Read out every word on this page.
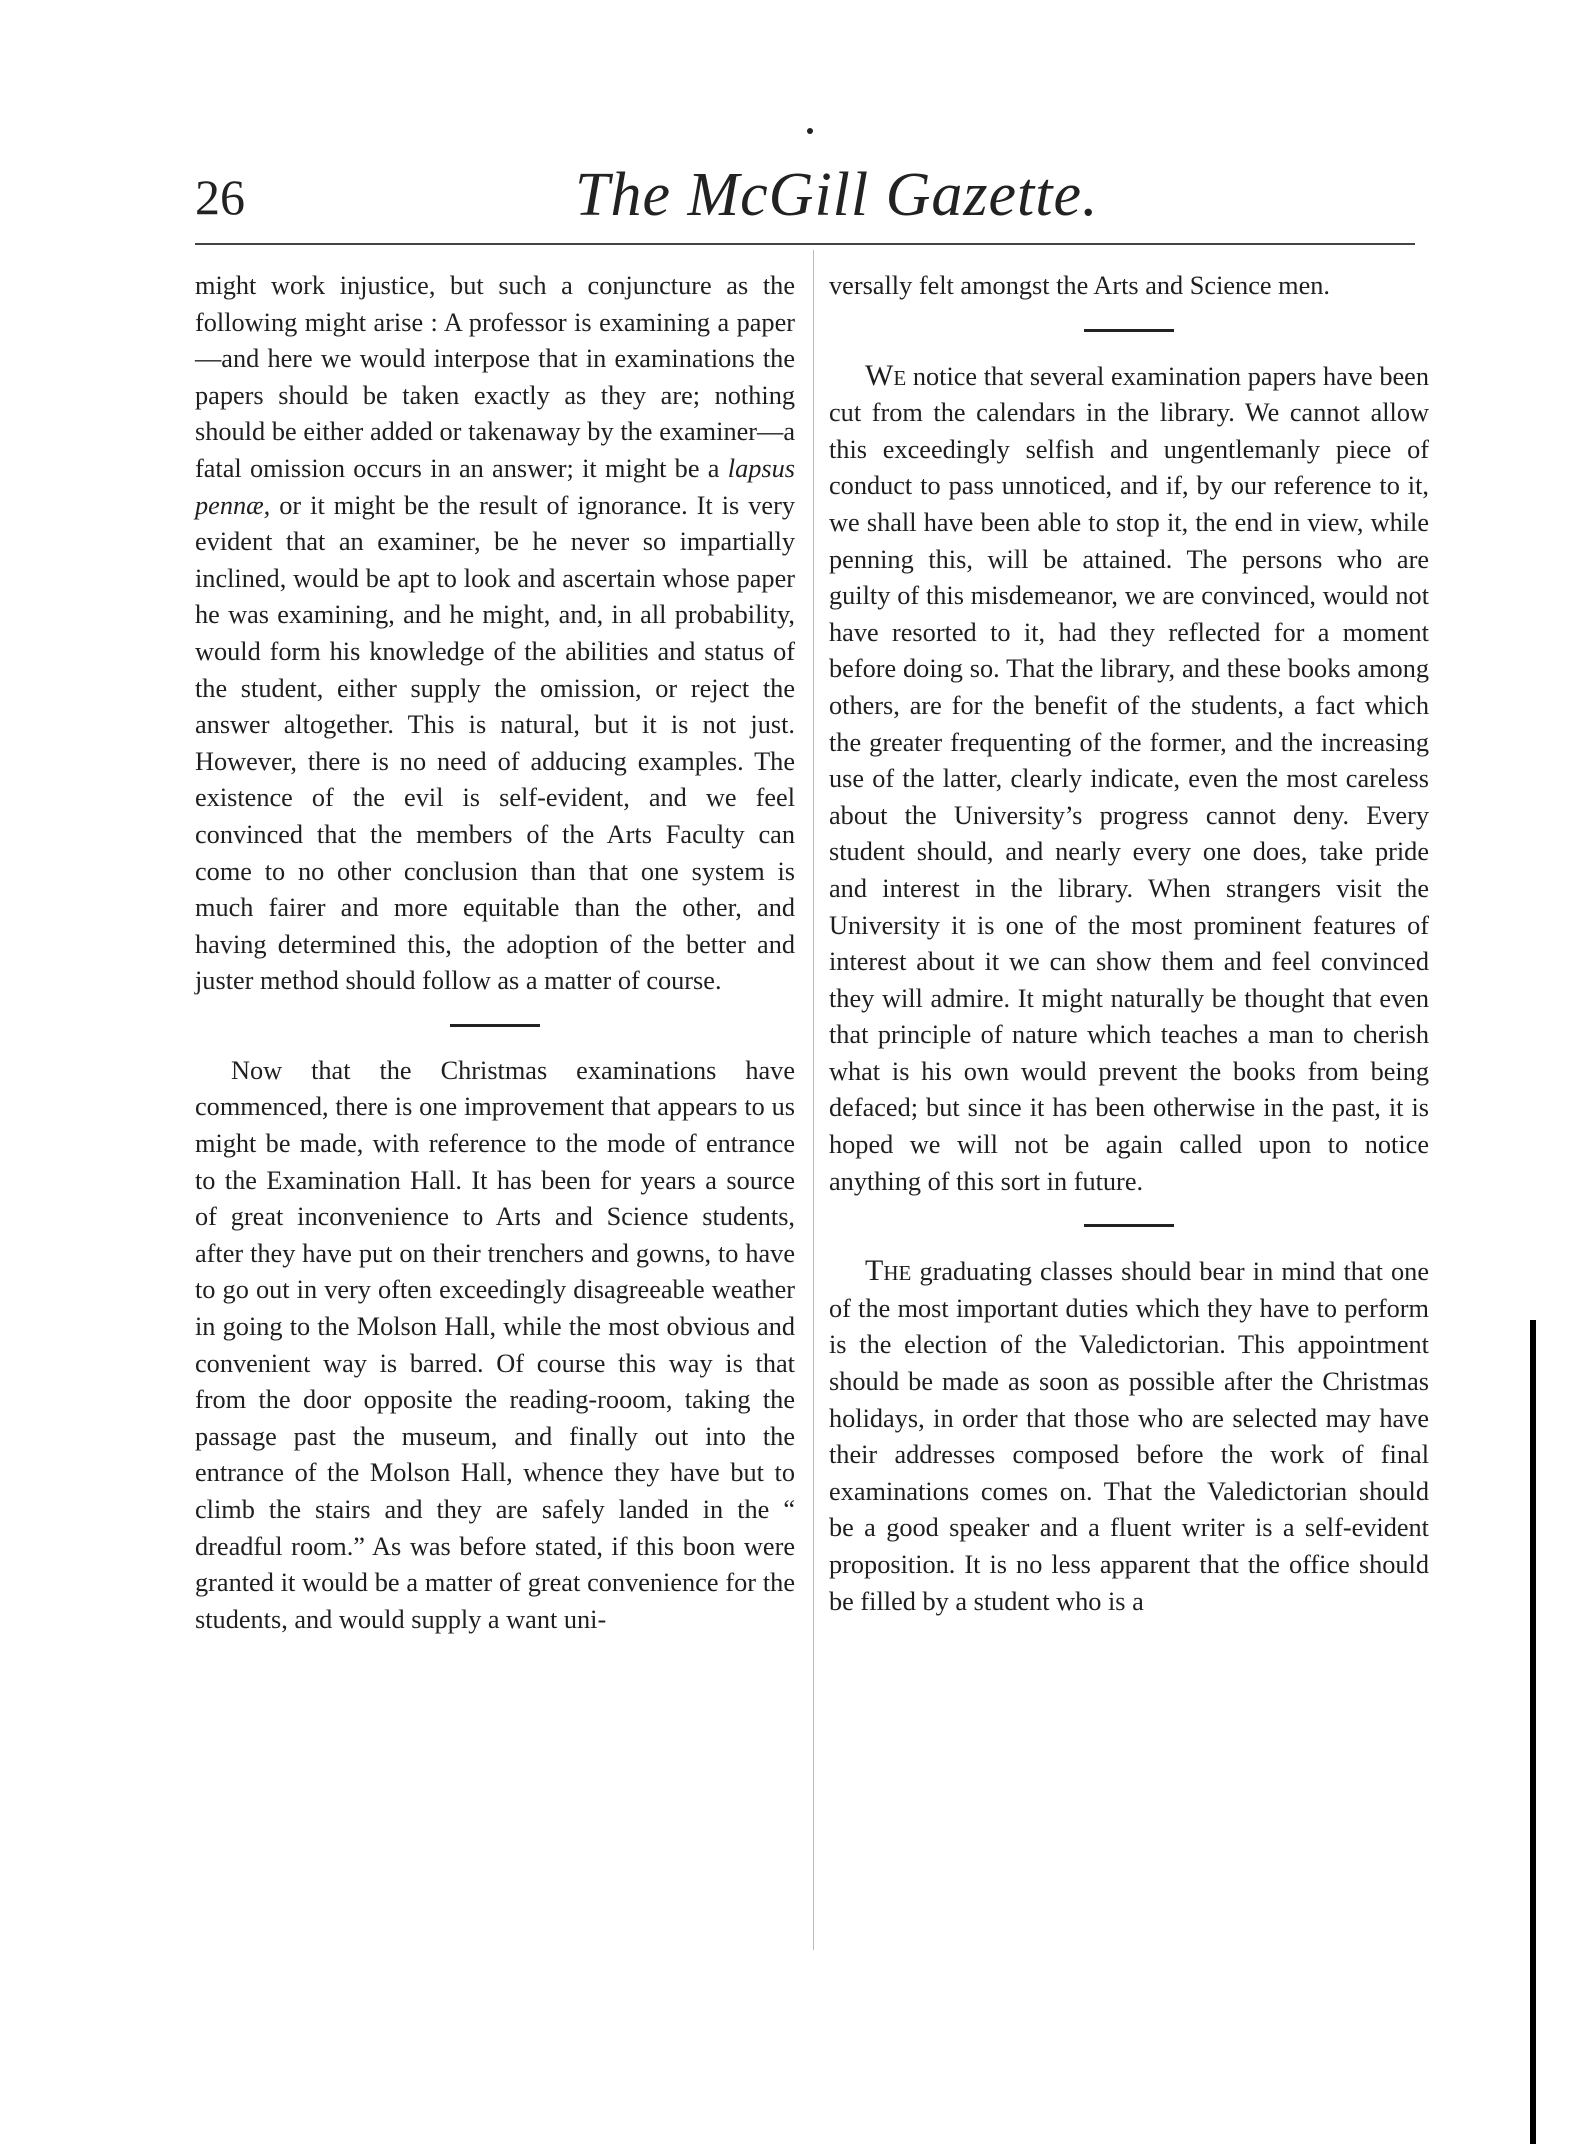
26	The McGill Gazette.

might work injustice, but such a conjuncture as the following might arise : A professor is examining a paper—and here we would interpose that in examinations the papers should be taken exactly as they are; nothing should be either added or takenaway by the examiner—a fatal omission occurs in an answer; it might be a lapsus pennæ, or it might be the result of ignorance. It is very evident that an examiner, be he never so impartially inclined, would be apt to look and ascertain whose paper he was examining, and he might, and, in all probability, would form his knowledge of the abilities and status of the student, either supply the omission, or reject the answer altogether. This is natural, but it is not just. However, there is no need of adducing examples. The existence of the evil is self-evident, and we feel convinced that the members of the Arts Faculty can come to no other conclusion than that one system is much fairer and more equitable than the other, and having determined this, the adoption of the better and juster method should follow as a matter of course.

Now that the Christmas examinations have commenced, there is one improvement that appears to us might be made, with reference to the mode of entrance to the Examination Hall. It has been for years a source of great inconvenience to Arts and Science students, after they have put on their trenchers and gowns, to have to go out in very often exceedingly disagreeable weather in going to the Molson Hall, while the most obvious and convenient way is barred. Of course this way is that from the door opposite the reading-rooom, taking the passage past the museum, and finally out into the entrance of the Molson Hall, whence they have but to climb the stairs and they are safely landed in the “ dreadful room.” As was before stated, if this boon were granted it would be a matter of great convenience for the students, and would supply a want uni-

versally felt amongst the Arts and Science men.

We notice that several examination papers have been cut from the calendars in the library. We cannot allow this exceedingly selfish and ungentlemanly piece of conduct to pass unnoticed, and if, by our reference to it, we shall have been able to stop it, the end in view, while penning this, will be attained. The persons who are guilty of this misdemeanor, we are convinced, would not have resorted to it, had they reflected for a moment before doing so. That the library, and these books among others, are for the benefit of the students, a fact which the greater frequenting of the former, and the increasing use of the latter, clearly indicate, even the most careless about the University’s progress cannot deny. Every student should, and nearly every one does, take pride and interest in the library. When strangers visit the University it is one of the most prominent features of interest about it we can show them and feel convinced they will admire. It might naturally be thought that even that principle of nature which teaches a man to cherish what is his own would prevent the books from being defaced; but since it has been otherwise in the past, it is hoped we will not be again called upon to notice anything of this sort in future.

The graduating classes should bear in mind that one of the most important duties which they have to perform is the election of the Valedictorian. This appointment should be made as soon as possible after the Christmas holidays, in order that those who are selected may have their addresses composed before the work of final examinations comes on. That the Valedictorian should be a good speaker and a fluent writer is a self-evident proposition. It is no less apparent that the office should be filled by a student who is a
